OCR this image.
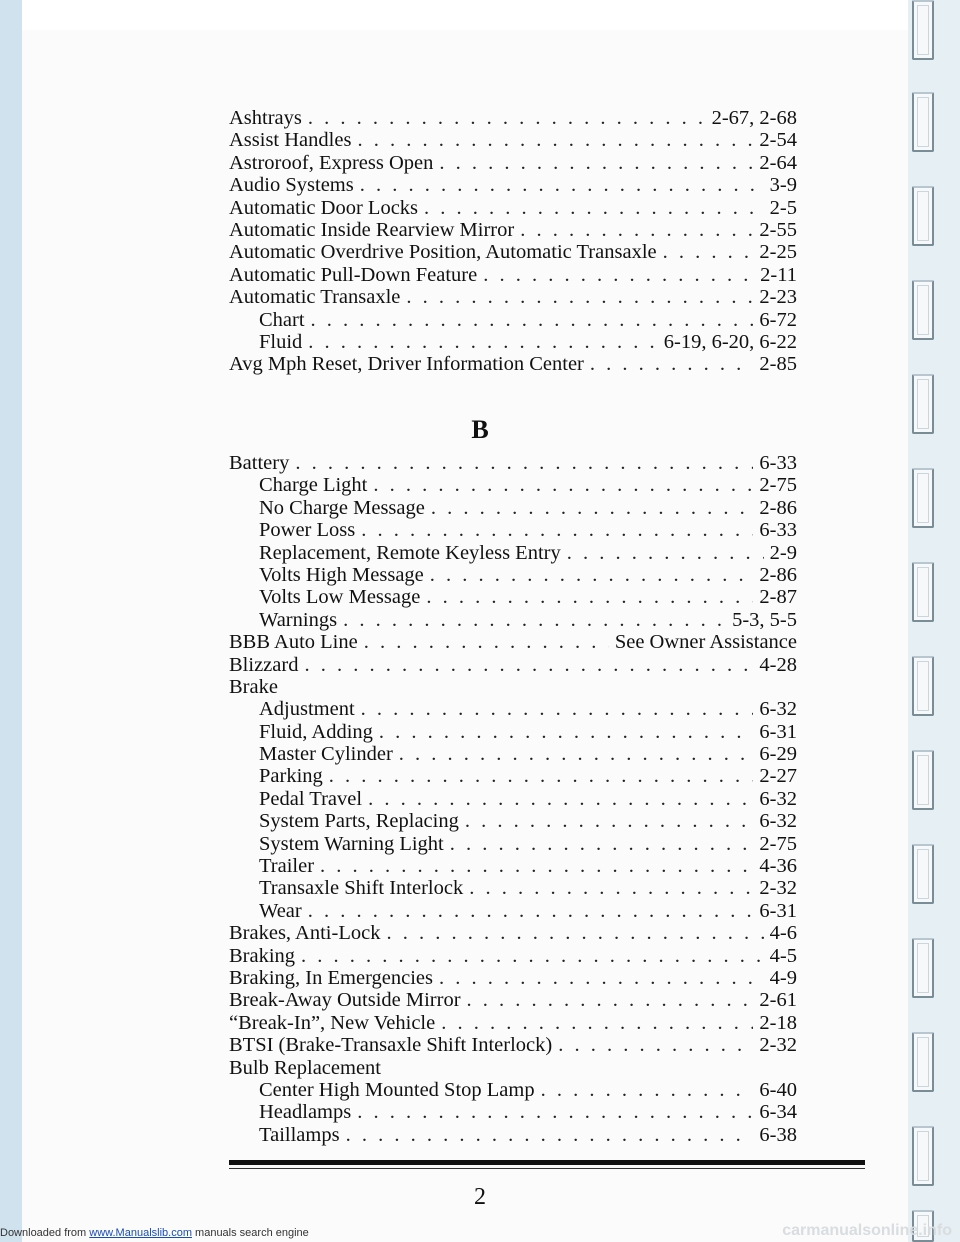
Ashtrays . . .	2-67, 2-68
Assist Handles . . .	2-54
Astroroof, Express Open . . .	2-64
Audio Systems . . .	3-9
Automatic Door Locks . . .	2-5
Automatic Inside Rearview Mirror . . .	2-55
Automatic Overdrive Position, Automatic Transaxle . . .	2-25
Automatic Pull-Down Feature . . .	2-11
Automatic Transaxle . . .	2-23
Chart . . .	6-72
Fluid . . .	6-19, 6-20, 6-22
Avg Mph Reset, Driver Information Center . . .	2-85
B
Battery . . .	6-33
Charge Light . . .	2-75
No Charge Message . . .	2-86
Power Loss . . .	6-33
Replacement, Remote Keyless Entry . . .	2-9
Volts High Message . . .	2-86
Volts Low Message . . .	2-87
Warnings . . .	5-3, 5-5
BBB Auto Line . . .	See Owner Assistance
Blizzard . . .	4-28
Brake
Adjustment . . .	6-32
Fluid, Adding . . .	6-31
Master Cylinder . . .	6-29
Parking . . .	2-27
Pedal Travel . . .	6-32
System Parts, Replacing . . .	6-32
System Warning Light . . .	2-75
Trailer . . .	4-36
Transaxle Shift Interlock . . .	2-32
Wear . . .	6-31
Brakes, Anti-Lock . . .	4-6
Braking . . .	4-5
Braking, In Emergencies . . .	4-9
Break-Away Outside Mirror . . .	2-61
“Break-In”, New Vehicle . . .	2-18
BTSI (Brake-Transaxle Shift Interlock) . . .	2-32
Bulb Replacement
Center High Mounted Stop Lamp . . .	6-40
Headlamps . . .	6-34
Taillamps . . .	6-38
2
Downloaded from www.Manualslib.com manuals search engine	carmanualsonline.info
